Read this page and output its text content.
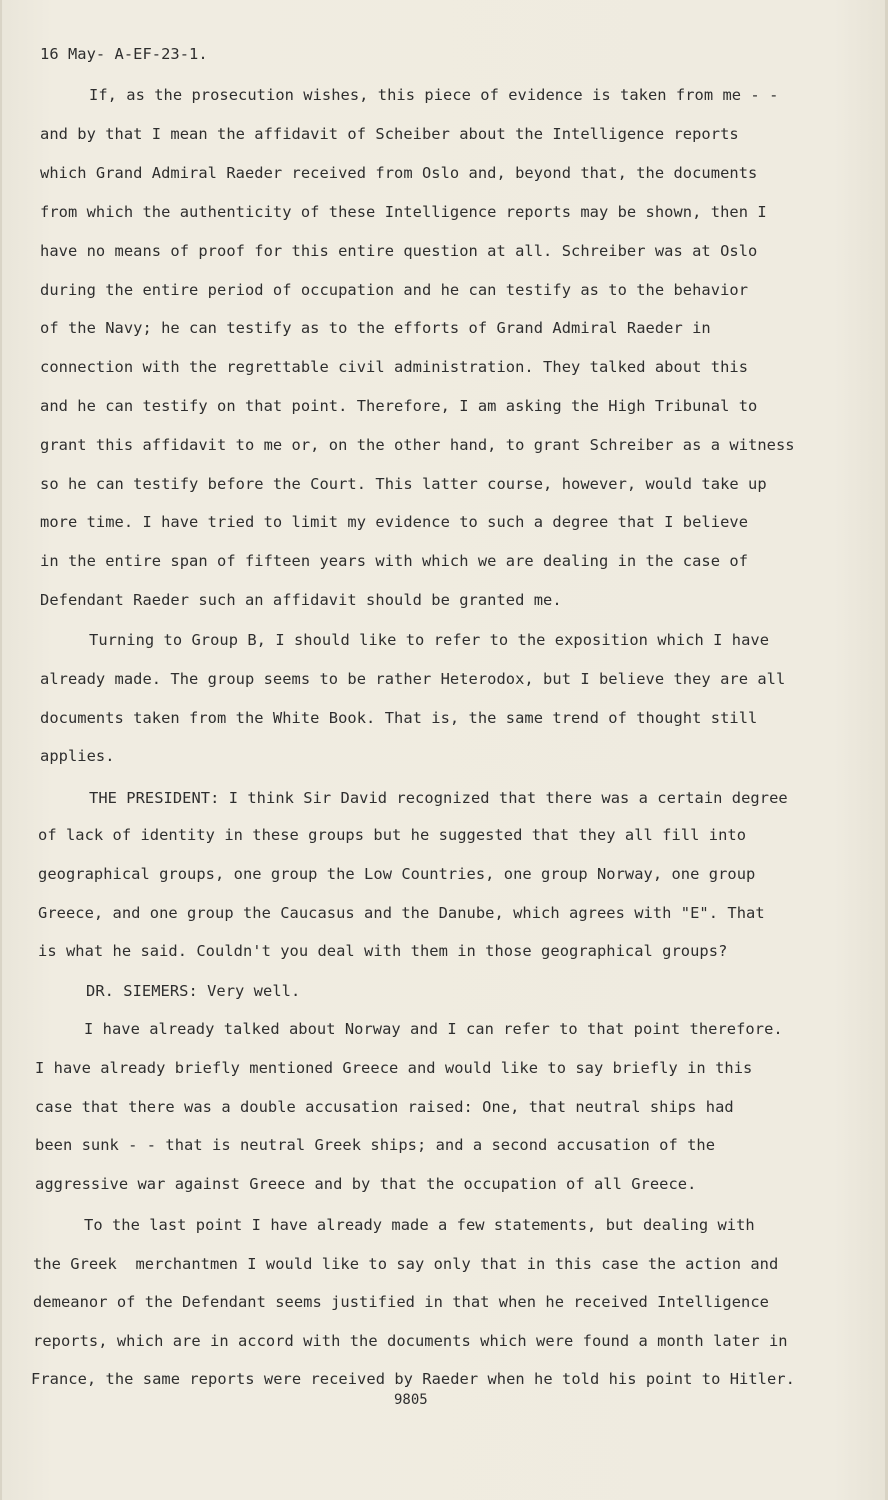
16 May- A-EF-23-1.
If, as the prosecution wishes, this piece of evidence is taken from me - -
and by that I mean the affidavit of Scheiber about the Intelligence reports
which Grand Admiral Raeder received from Oslo and, beyond that, the documents
from which the authenticity of these Intelligence reports may be shown, then I
have no means of proof for this entire question at all. Schreiber was at Oslo
during the entire period of occupation and he can testify as to the behavior
of the Navy; he can testify as to the efforts of Grand Admiral Raeder in
connection with the regrettable civil administration. They talked about this
and he can testify on that point. Therefore, I am asking the High Tribunal to
grant this affidavit to me or, on the other hand, to grant Schreiber as a witness
so he can testify before the Court. This latter course, however, would take up
more time. I have tried to limit my evidence to such a degree that I believe
in the entire span of fifteen years with which we are dealing in the case of
Defendant Raeder such an affidavit should be granted me.
Turning to Group B, I should like to refer to the exposition which I have
already made. The group seems to be rather Heterodox, but I believe they are all
documents taken from the White Book. That is, the same trend of thought still
applies.
THE PRESIDENT: I think Sir David recognized that there was a certain degree
of lack of identity in these groups but he suggested that they all fill into
geographical groups, one group the Low Countries, one group Norway, one group
Greece, and one group the Caucasus and the Danube, which agrees with "E". That
is what he said. Couldn't you deal with them in those geographical groups?
DR. SIEMERS: Very well.
I have already talked about Norway and I can refer to that point therefore.
I have already briefly mentioned Greece and would like to say briefly in this
case that there was a double accusation raised: One, that neutral ships had
been sunk - - that is neutral Greek ships; and a second accusation of the
aggressive war against Greece and by that the occupation of all Greece.
To the last point I have already made a few statements, but dealing with
the Greek  merchantmen I would like to say only that in this case the action and
demeanor of the Defendant seems justified in that when he received Intelligence
reports, which are in accord with the documents which were found a month later in
France, the same reports were received by Raeder when he told his point to Hitler.
9805
